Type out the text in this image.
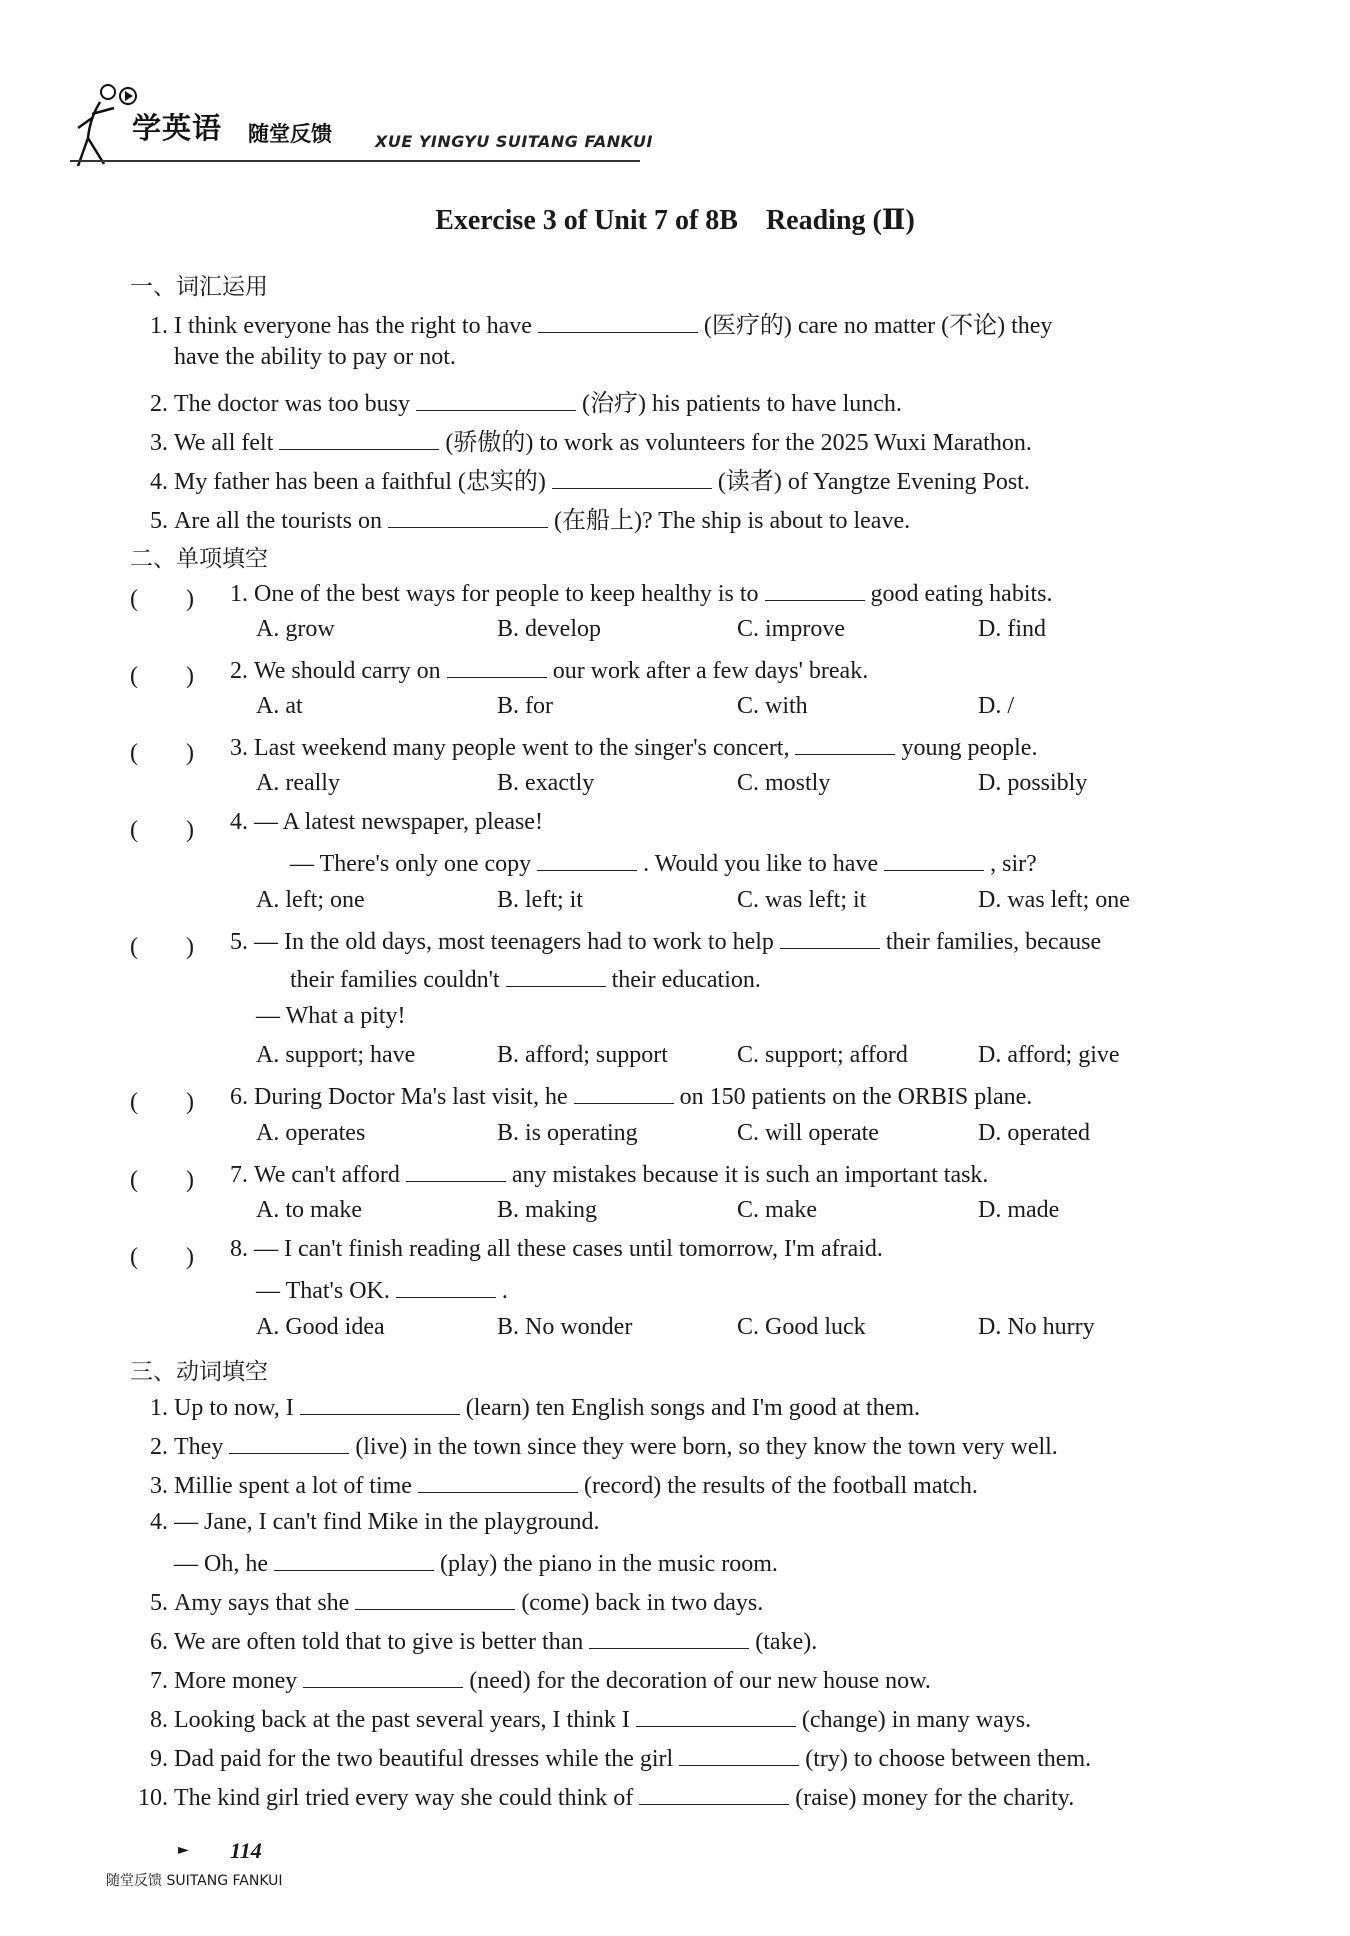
学英语 随堂反馈	XUE YINGYU SUITANG FANKUI
Exercise 3 of Unit 7 of 8B　Reading (Ⅱ)
一、词汇运用
1. I think everyone has the right to have	(医疗的) care no matter (不论) they
have the ability to pay or not.
2. The doctor was too busy	(治疗) his patients to have lunch.
3. We all felt	(骄傲的) to work as volunteers for the 2025 Wuxi Marathon.
4. My father has been a faithful (忠实的)	(读者) of Yangtze Evening Post.
5. Are all the tourists on	(在船上)? The ship is about to leave.
二、单项填空
(　　)	1. One of the best ways for people to keep healthy is to	good eating habits.
A. grow	B. develop	C. improve	D. find
(　　)	2. We should carry on	our work after a few days' break.
A. at	B. for	C. with	D. /
(　　)	3. Last weekend many people went to the singer's concert,	young people.
A. really	B. exactly	C. mostly	D. possibly
(　　)	4. — A latest newspaper, please!
— There's only one copy	. Would you like to have	, sir?
A. left; one	B. left; it	C. was left; it	D. was left; one
(　　)	5. — In the old days, most teenagers had to work to help	their families, because
their families couldn't	their education.
— What a pity!
A. support; have	B. afford; support	C. support; afford	D. afford; give
(　　)	6. During Doctor Ma's last visit, he	on 150 patients on the ORBIS plane.
A. operates	B. is operating	C. will operate	D. operated
(　　)	7. We can't afford	any mistakes because it is such an important task.
A. to make	B. making	C. make	D. made
(　　)	8. — I can't finish reading all these cases until tomorrow, I'm afraid.
— That's OK.	.
A. Good idea	B. No wonder	C. Good luck	D. No hurry
三、动词填空
1. Up to now, I	(learn) ten English songs and I'm good at them.
2. They	(live) in the town since they were born, so they know the town very well.
3. Millie spent a lot of time	(record) the results of the football match.
4. — Jane, I can't find Mike in the playground.
— Oh, he	(play) the piano in the music room.
5. Amy says that she	(come) back in two days.
6. We are often told that to give is better than	(take).
7. More money	(need) for the decoration of our new house now.
8. Looking back at the past several years, I think I	(change) in many ways.
9. Dad paid for the two beautiful dresses while the girl	(try) to choose between them.
10. The kind girl tried every way she could think of	(raise) money for the charity.
► 114
随堂反馈 SUITANG FANKUI
